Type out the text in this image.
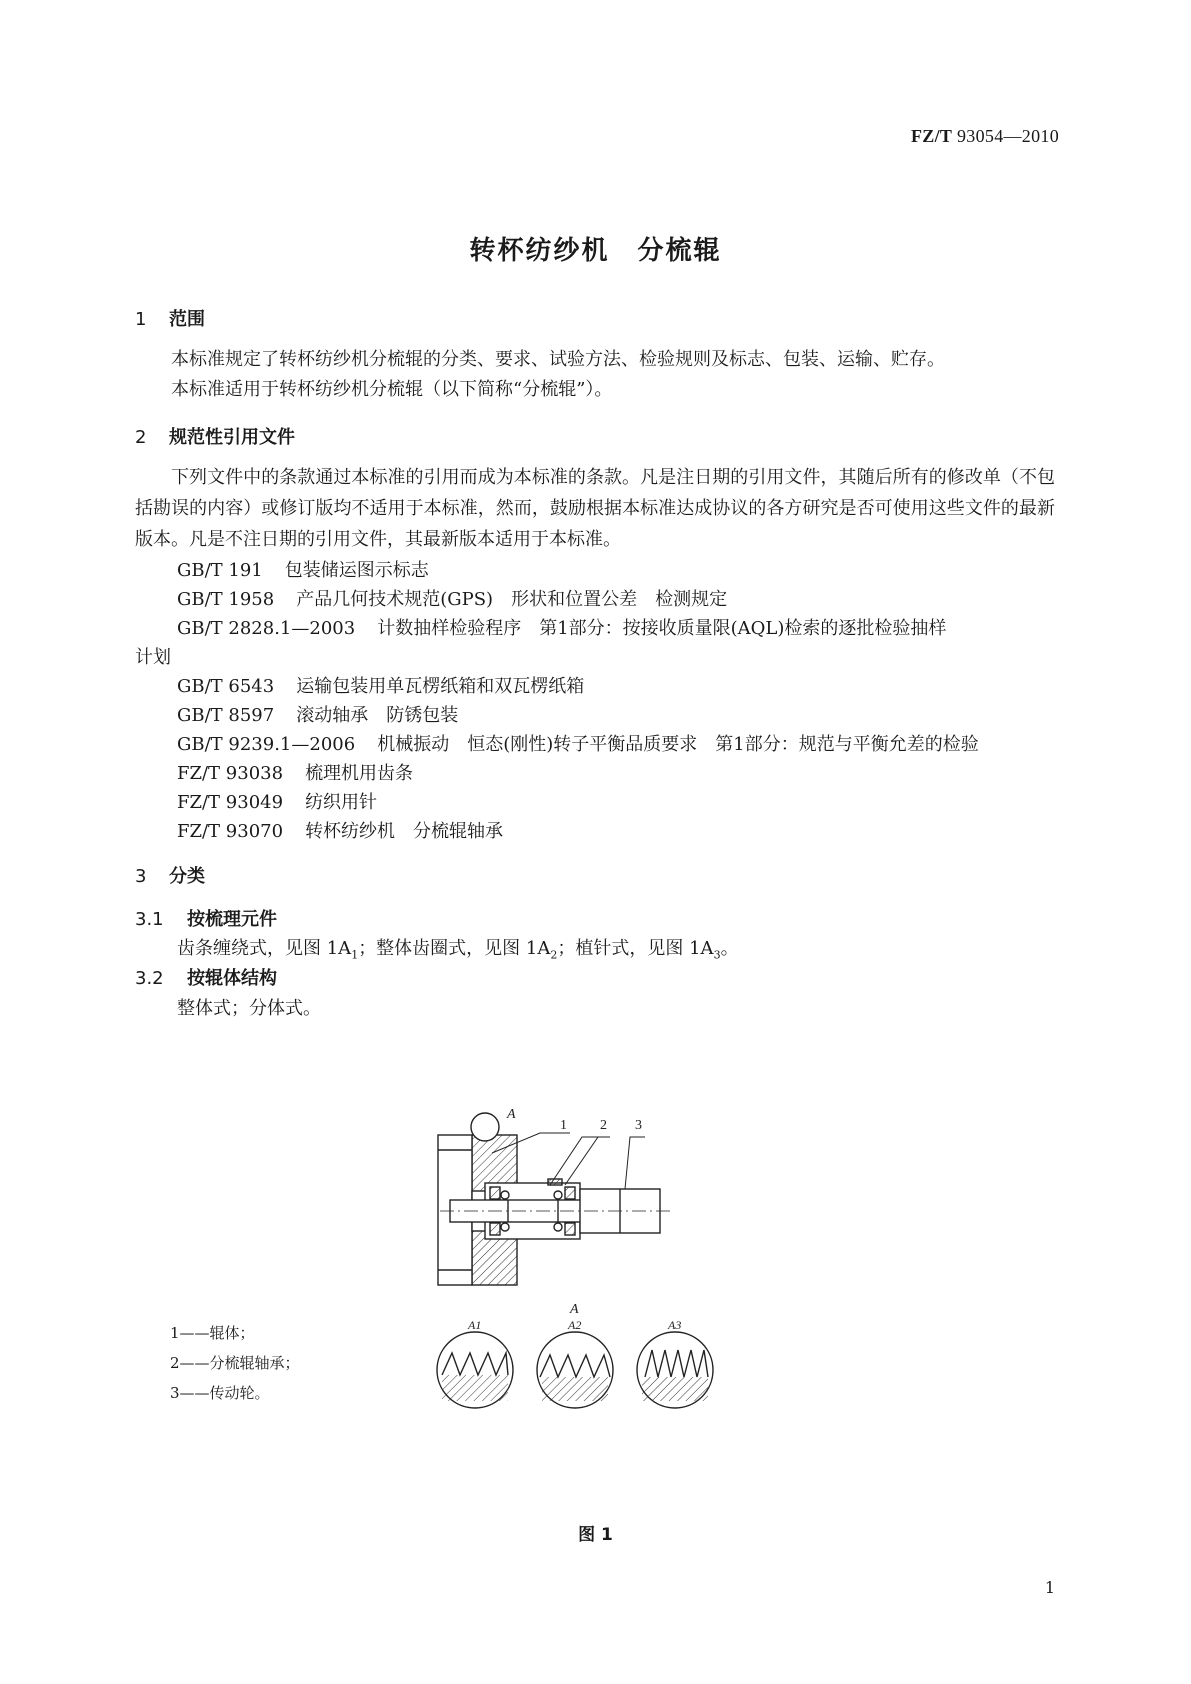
FZ/T 93054—2010
转杯纺纱机　分梳辊
1 范围
本标准规定了转杯纺纱机分梳辊的分类、要求、试验方法、检验规则及标志、包装、运输、贮存。
本标准适用于转杯纺纱机分梳辊（以下简称“分梳辊”）。
2 规范性引用文件
下列文件中的条款通过本标准的引用而成为本标准的条款。凡是注日期的引用文件，其随后所有的修改单（不包括勘误的内容）或修订版均不适用于本标准，然而，鼓励根据本标准达成协议的各方研究是否可使用这些文件的最新版本。凡是不注日期的引用文件，其最新版本适用于本标准。
GB/T 191 包装储运图示标志
GB/T 1958 产品几何技术规范(GPS)　形状和位置公差　检测规定
GB/T 2828.1—2003 计数抽样检验程序　第1部分：按接收质量限(AQL)检索的逐批检验抽样
计划
GB/T 6543 运输包装用单瓦楞纸箱和双瓦楞纸箱
GB/T 8597 滚动轴承　防锈包装
GB/T 9239.1—2006 机械振动　恒态(刚性)转子平衡品质要求　第1部分：规范与平衡允差的检验
FZ/T 93038 梳理机用齿条
FZ/T 93049 纺织用针
FZ/T 93070 转杯纺纱机　分梳辊轴承
3 分类
3.1 按梳理元件
齿条缠绕式，见图 $1A_1$；整体齿圈式，见图 $1A_2$；植针式，见图 $1A_3$。
3.2 按辊体结构
整体式；分体式。
A
1 2 3
A
A1	A2	A3
1——辊体；
2——分梳辊轴承；
3——传动轮。
图 1
1
